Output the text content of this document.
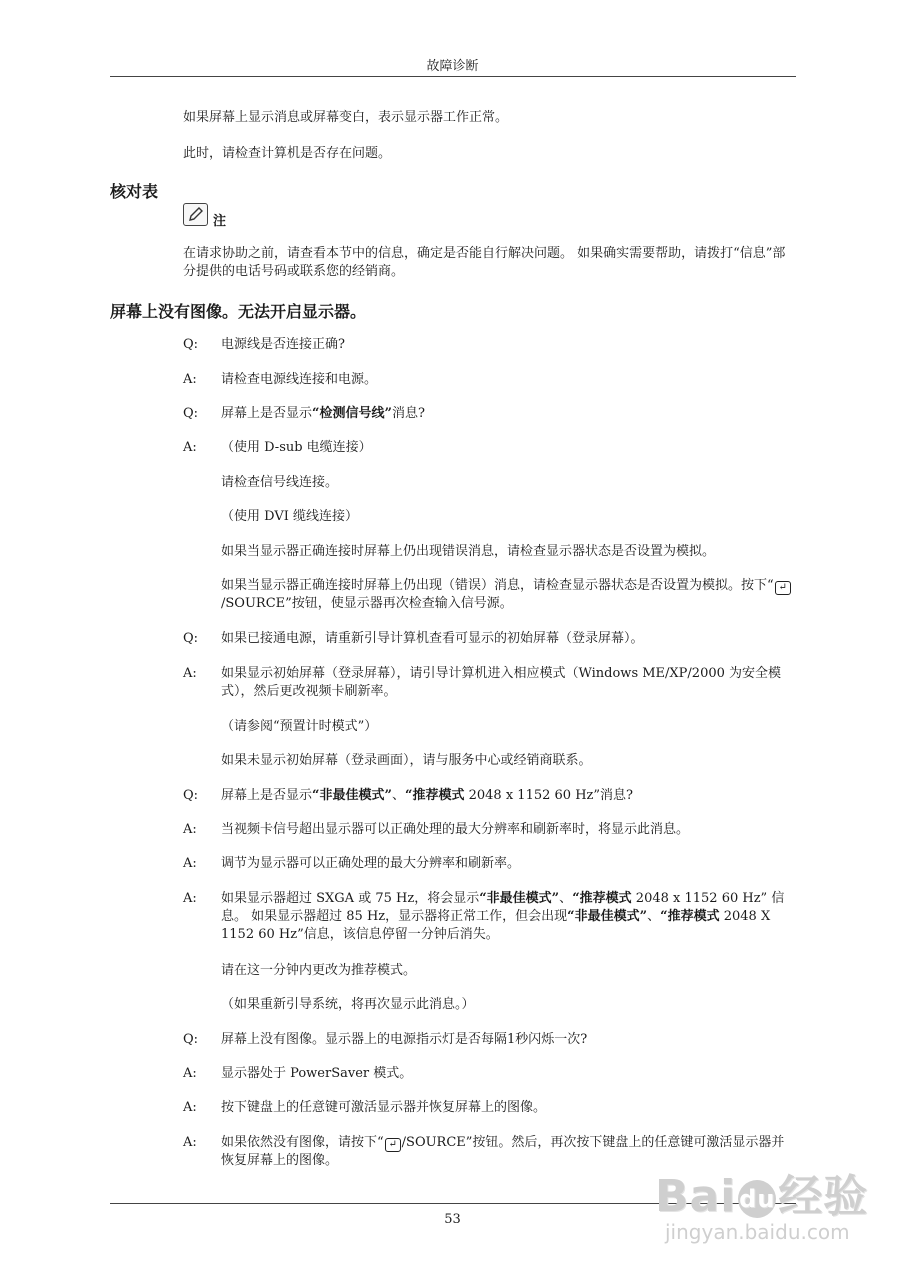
故障诊断
如果屏幕上显示消息或屏幕变白，表示显示器工作正常。
此时，请检查计算机是否存在问题。
核对表
注
在请求协助之前，请查看本节中的信息，确定是否能自行解决问题。 如果确实需要帮助，请拨打“信息”部分提供的电话号码或联系您的经销商。
屏幕上没有图像。无法开启显示器。
Q:	电源线是否连接正确?
A:	请检查电源线连接和电源。
Q:	屏幕上是否显示“检测信号线”消息?
A:	（使用 D-sub 电缆连接）
请检查信号线连接。
（使用 DVI 缆线连接）
如果当显示器正确连接时屏幕上仍出现错误消息，请检查显示器状态是否设置为模拟。
如果当显示器正确连接时屏幕上仍出现（错误）消息，请检查显示器状态是否设置为模拟。按下“ ↵/SOURCE”按钮，使显示器再次检查输入信号源。
Q:	如果已接通电源，请重新引导计算机查看可显示的初始屏幕（登录屏幕）。
A:	如果显示初始屏幕（登录屏幕），请引导计算机进入相应模式（Windows ME/XP/2000 为安全模式），然后更改视频卡刷新率。
（请参阅“预置计时模式”）
如果未显示初始屏幕（登录画面），请与服务中心或经销商联系。
Q:	屏幕上是否显示“非最佳模式”、“推荐模式 2048 x 1152 60 Hz”消息?
A:	当视频卡信号超出显示器可以正确处理的最大分辨率和刷新率时，将显示此消息。
A:	调节为显示器可以正确处理的最大分辨率和刷新率。
A:	如果显示器超过 SXGA 或 75 Hz，将会显示“非最佳模式”、“推荐模式 2048 x 1152 60 Hz” 信息。 如果显示器超过 85 Hz，显示器将正常工作，但会出现“非最佳模式”、“推荐模式 2048 X 1152 60 Hz”信息，该信息停留一分钟后消失。
请在这一分钟内更改为推荐模式。
（如果重新引导系统，将再次显示此消息。）
Q:	屏幕上没有图像。显示器上的电源指示灯是否每隔1秒闪烁一次?
A:	显示器处于 PowerSaver 模式。
A:	按下键盘上的任意键可激活显示器并恢复屏幕上的图像。
A:	如果依然没有图像，请按下“ ↵ /SOURCE”按钮。然后，再次按下键盘上的任意键可激活显示器并恢复屏幕上的图像。
53	Bai du经验
jingyan.baidu.com
